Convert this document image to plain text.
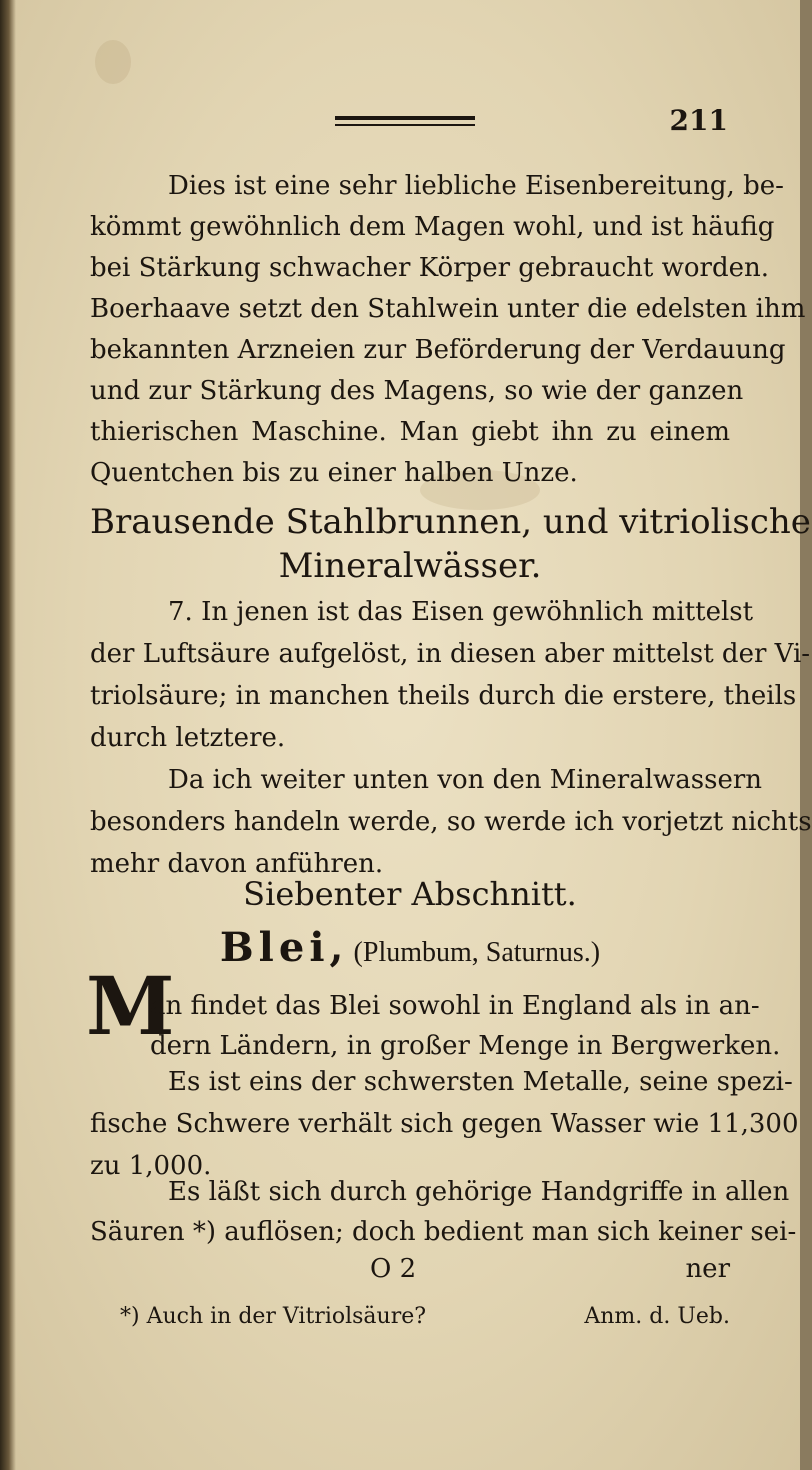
211
Dies ist eine sehr liebliche Eisenbereitung, be-
kömmt gewöhnlich dem Magen wohl, und ist häufig
bei Stärkung schwacher Körper gebraucht worden.
Boerhaave setzt den Stahlwein unter die edelsten ihm
bekannten Arzneien zur Beförderung der Verdauung
und zur Stärkung des Magens, so wie der ganzen
thierischen Maschine. Man giebt ihn zu einem
Quentchen bis zu einer halben Unze.
Brausende Stahlbrunnen, und vitriolische
Mineralwässer.
7. In jenen ist das Eisen gewöhnlich mittelst
der Luftsäure aufgelöst, in diesen aber mittelst der Vi-
triolsäure; in manchen theils durch die erstere, theils
durch letztere.
Da ich weiter unten von den Mineralwassern
besonders handeln werde, so werde ich vorjetzt nichts
mehr davon anführen.
Siebenter Abschnitt.
Blei, (Plumbum, Saturnus.)
M
an findet das Blei sowohl in England als in an-
dern Ländern, in großer Menge in Bergwerken.
Es ist eins der schwersten Metalle, seine spezi-
fische Schwere verhält sich gegen Wasser wie 11,300
zu 1,000.
Es läßt sich durch gehörige Handgriffe in allen
Säuren *) auflösen; doch bedient man sich keiner sei-
O 2	ner
*) Auch in der Vitriolsäure?	Anm. d. Ueb.
